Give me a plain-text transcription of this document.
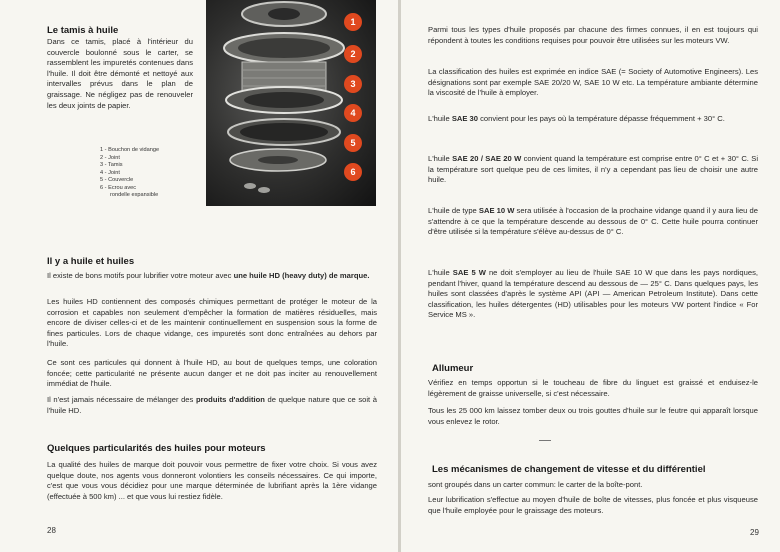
Le tamis à huile
Dans ce tamis, placé à l'intérieur du couvercle boulonné sous le carter, se rassemblent les impuretés contenues dans l'huile. Il doit être démonté et nettoyé aux intervalles prévus dans le plan de graissage. Ne négligez pas de renouveler les deux joints de papier.
1
2
3
4
5
6
1 - Bouchon de vidange
2 - Joint
3 - Tamis
4 - Joint
5 - Couvercle
6 - Ecrou avec
rondelle expansible
Il y a huile et huiles
Il existe de bons motifs pour lubrifier votre moteur avec une huile HD (heavy duty) de marque.
Les huiles HD contiennent des composés chimiques permettant de protéger le moteur de la corrosion et capables non seulement d'empêcher la formation de matières résiduelles, mais encore de diviser celles-ci et de les maintenir continuellement en suspension sous la forme de fines particules. Lors de chaque vidange, ces impuretés sont donc entraînées au dehors par l'huile.
Ce sont ces particules qui donnent à l'huile HD, au bout de quelques temps, une coloration foncée; cette particularité ne présente aucun danger et ne doit pas inciter au renouvellement immédiat de l'huile.
Il n'est jamais nécessaire de mélanger des produits d'addition de quelque nature que ce soit à l'huile HD.
Quelques particularités des huiles pour moteurs
La qualité des huiles de marque doit pouvoir vous permettre de fixer votre choix. Si vous avez quelque doute, nos agents vous donneront volontiers les conseils nécessaires. Ce qui importe, c'est que vous vous décidiez pour une marque déterminée de lubrifiant après la 1ère vidange (effectuée à 500 km) ... et que vous lui restiez fidèle.
28
Parmi tous les types d'huile proposés par chacune des firmes connues, il en est toujours qui répondent à toutes les conditions requises pour pouvoir être utilisées sur les moteurs VW.
La classification des huiles est exprimée en indice SAE (= Society of Automotive Engineers). Les désignations sont par exemple SAE 20/20 W, SAE 10 W etc. La température ambiante détermine la viscosité de l'huile à employer.
L'huile SAE 30 convient pour les pays où la température dépasse fréquemment + 30° C.
L'huile SAE 20 / SAE 20 W convient quand la température est comprise entre 0° C et + 30° C. Si la température sort quelque peu de ces limites, il n'y a cependant pas lieu de choisir une autre huile.
L'huile de type SAE 10 W sera utilisée à l'occasion de la prochaine vidange quand il y aura lieu de s'attendre à ce que la température descende au dessous de 0° C. Cette huile pourra continuer d'être utilisée si la température s'élève au-dessus de 0° C.
L'huile SAE 5 W ne doit s'employer au lieu de l'huile SAE 10 W que dans les pays nordiques, pendant l'hiver, quand la température descend au dessous de — 25° C. Dans quelques pays, les huiles sont classées d'après le système API (API — American Petroleum Institute). Dans cette classification, les huiles détergentes (HD) utilisables pour les moteurs VW portent l'indice « For Service MS ».
Allumeur
Vérifiez en temps opportun si le toucheau de fibre du linguet est graissé et enduisez-le légèrement de graisse universelle, si c'est nécessaire.
Tous les 25 000 km laissez tomber deux ou trois gouttes d'huile sur le feutre qui apparaît lorsque vous enlevez le rotor.
Les mécanismes de changement de vitesse et du différentiel
sont groupés dans un carter commun: le carter de la boîte-pont.
Leur lubrification s'effectue au moyen d'huile de boîte de vitesses, plus foncée et plus visqueuse que l'huile employée pour le graissage des moteurs.
29
